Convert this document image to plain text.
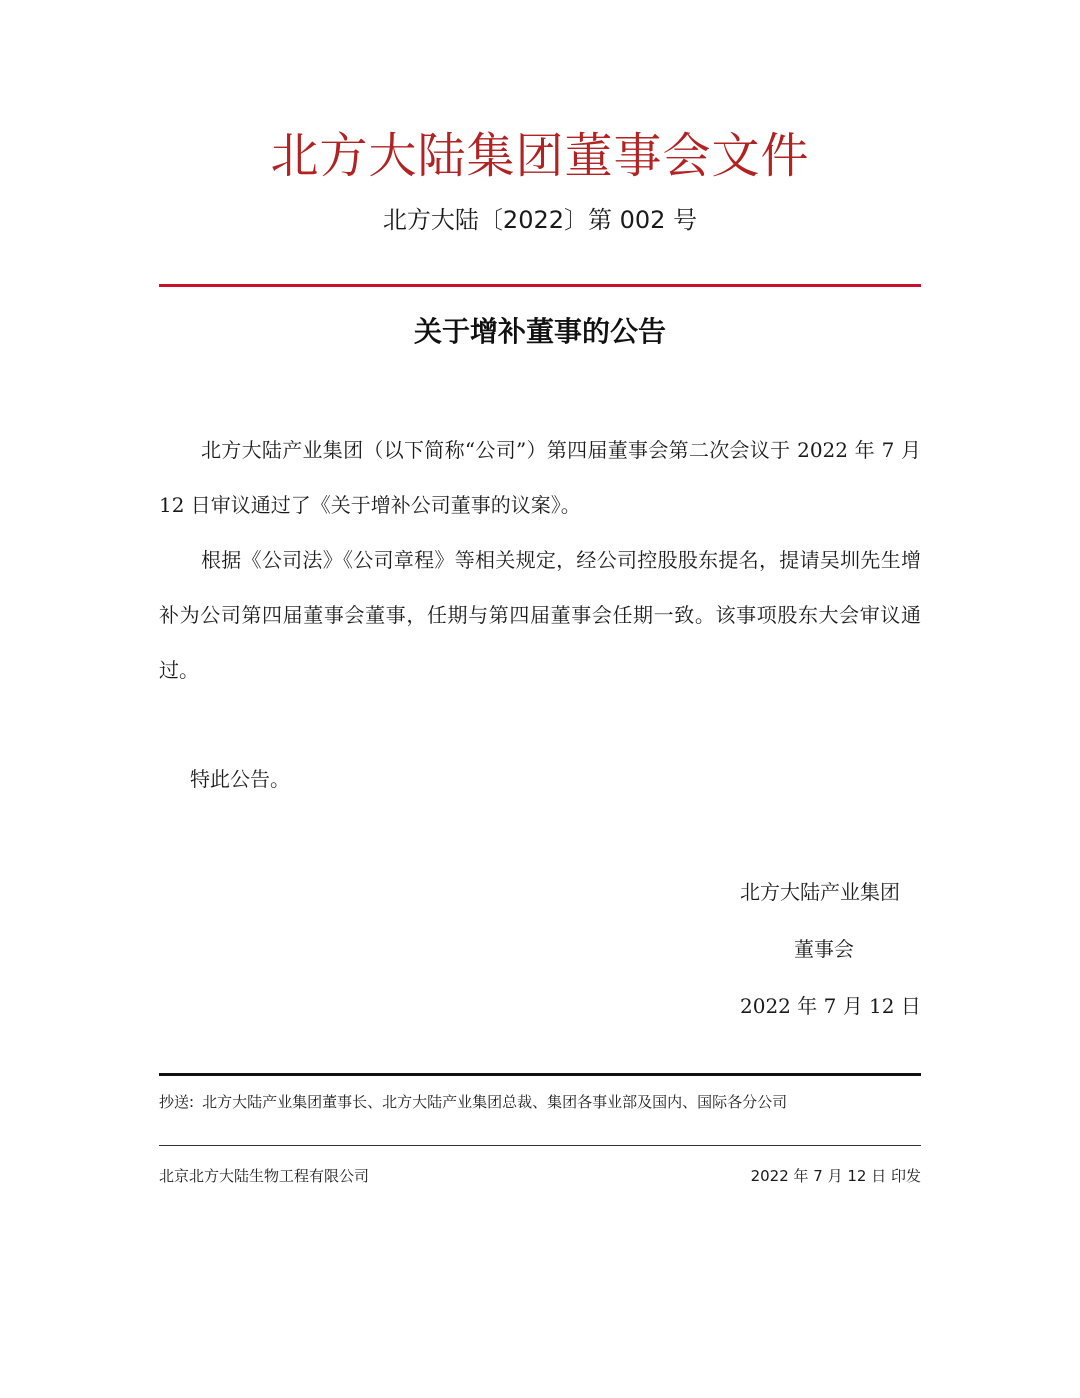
北方大陆集团董事会文件
北方大陆〔2022〕第 002 号
关于增补董事的公告

北方大陆产业集团（以下简称“公司”）第四届董事会第二次会议于 2022 年 7 月 12 日审议通过了《关于增补公司董事的议案》。

根据《公司法》《公司章程》等相关规定，经公司控股股东提名，提请吴圳先生增补为公司第四届董事会董事，任期与第四届董事会任期一致。该事项股东大会审议通过。

特此公告。
北方大陆产业集团
董事会
2022 年 7 月 12 日
抄送: 北方大陆产业集团董事长、北方大陆产业集团总裁、集团各事业部及国内、国际各分公司
北京北方大陆生物工程有限公司	2022 年 7 月 12 日 印发
